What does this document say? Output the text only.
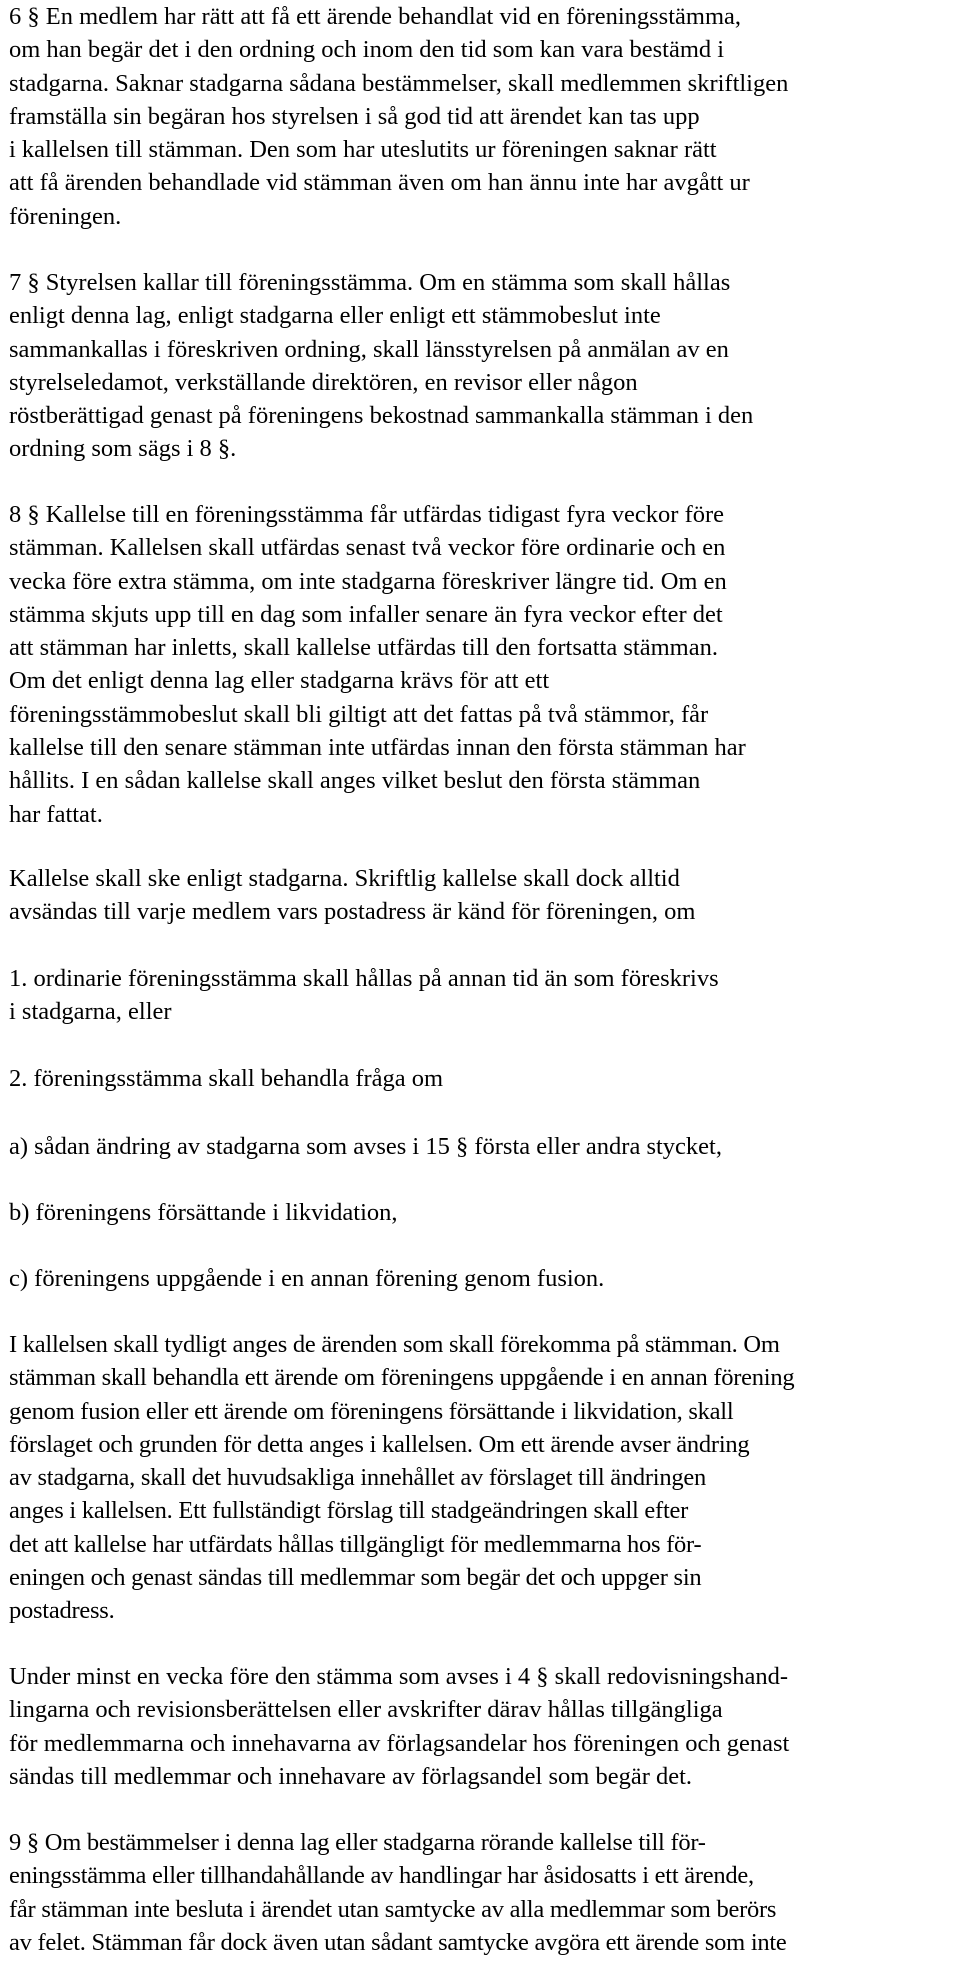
6 § En medlem har rätt att få ett ärende behandlat vid en föreningsstämma,
om han begär det i den ordning och inom den tid som kan vara bestämd i
stadgarna. Saknar stadgarna sådana bestämmelser, skall medlemmen skriftligen
framställa sin begäran hos styrelsen i så god tid att ärendet kan tas upp
i kallelsen till stämman. Den som har uteslutits ur föreningen saknar rätt
att få ärenden behandlade vid stämman även om han ännu inte har avgått ur
föreningen.
7 § Styrelsen kallar till föreningsstämma. Om en stämma som skall hållas
enligt denna lag, enligt stadgarna eller enligt ett stämmobeslut inte
sammankallas i föreskriven ordning, skall länsstyrelsen på anmälan av en
styrelseledamot, verkställande direktören, en revisor eller någon
röstberättigad genast på föreningens bekostnad sammankalla stämman i den
ordning som sägs i 8 §.
8 § Kallelse till en föreningsstämma får utfärdas tidigast fyra veckor före
stämman. Kallelsen skall utfärdas senast två veckor före ordinarie och en
vecka före extra stämma, om inte stadgarna föreskriver längre tid. Om en
stämma skjuts upp till en dag som infaller senare än fyra veckor efter det
att stämman har inletts, skall kallelse utfärdas till den fortsatta stämman.
Om det enligt denna lag eller stadgarna krävs för att ett
föreningsstämmobeslut skall bli giltigt att det fattas på två stämmor, får
kallelse till den senare stämman inte utfärdas innan den första stämman har
hållits. I en sådan kallelse skall anges vilket beslut den första stämman
har fattat.
Kallelse skall ske enligt stadgarna. Skriftlig kallelse skall dock alltid
avsändas till varje medlem vars postadress är känd för föreningen, om
1. ordinarie föreningsstämma skall hållas på annan tid än som föreskrivs
i stadgarna, eller
2. föreningsstämma skall behandla fråga om
a) sådan ändring av stadgarna som avses i 15 § första eller andra stycket,
b) föreningens försättande i likvidation,
c) föreningens uppgående i en annan förening genom fusion.
I kallelsen skall tydligt anges de ärenden som skall förekomma på stämman. Om
stämman skall behandla ett ärende om föreningens uppgående i en annan förening
genom fusion eller ett ärende om föreningens försättande i likvidation, skall
förslaget och grunden för detta anges i kallelsen. Om ett ärende avser ändring
av stadgarna, skall det huvudsakliga innehållet av förslaget till ändringen
anges i kallelsen. Ett fullständigt förslag till stadgeändringen skall efter
det att kallelse har utfärdats hållas tillgängligt för medlemmarna hos för-
eningen och genast sändas till medlemmar som begär det och uppger sin
postadress.
Under minst en vecka före den stämma som avses i 4 § skall redovisningshand-
lingarna och revisionsberättelsen eller avskrifter därav hållas tillgängliga
för medlemmarna och innehavarna av förlagsandelar hos föreningen och genast
sändas till medlemmar och innehavare av förlagsandel som begär det.
9 § Om bestämmelser i denna lag eller stadgarna rörande kallelse till för-
eningsstämma eller tillhandahållande av handlingar har åsidosatts i ett ärende,
får stämman inte besluta i ärendet utan samtycke av alla medlemmar som berörs
av felet. Stämman får dock även utan sådant samtycke avgöra ett ärende som inte
